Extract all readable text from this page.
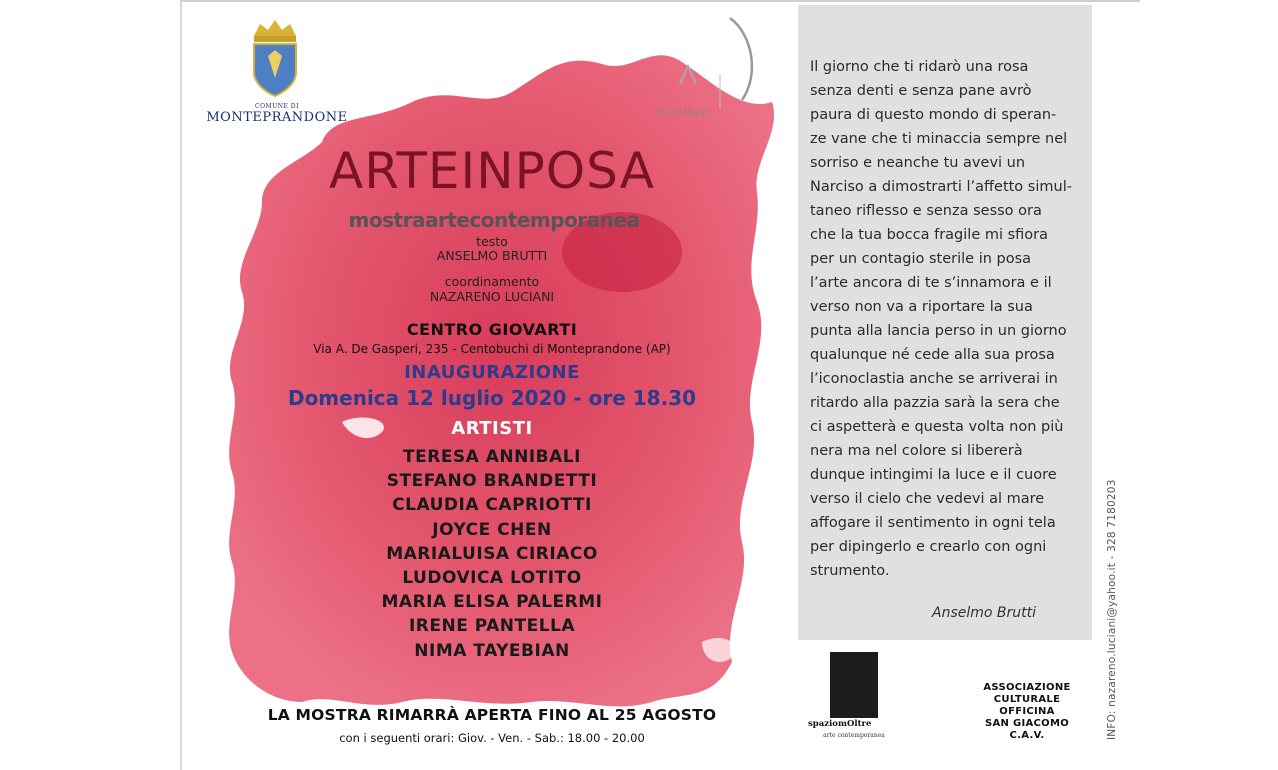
COMUNE DI
MONTEPRANDONE	GioVArti
ARTEINPOSA
mostraartecontemporanea
testo
ANSELMO BRUTTI
coordinamento
NAZARENO LUCIANI
CENTRO GIOVARTI
Via A. De Gasperi, 235 - Centobuchi di Monteprandone (AP)
INAUGURAZIONE
Domenica 12 luglio 2020 - ore 18.30
ARTISTI
TERESA ANNIBALI
STEFANO BRANDETTI
CLAUDIA CAPRIOTTI
JOYCE CHEN
MARIALUISA CIRIACO
LUDOVICA LOTITO
MARIA ELISA PALERMI
IRENE PANTELLA
NIMA TAYEBIAN
LA MOSTRA RIMARRÀ APERTA FINO AL 25 AGOSTO
con i seguenti orari: Giov. - Ven. - Sab.: 18.00 - 20.00
Il giorno che ti ridarò una rosa
senza denti e senza pane avrò
paura di questo mondo di speran-
ze vane che ti minaccia sempre nel
sorriso e neanche tu avevi un
Narciso a dimostrarti l’affetto simul-
taneo riflesso e senza sesso ora
che la tua bocca fragile mi sfiora
per un contagio sterile in posa
l’arte ancora di te s’innamora e il
verso non va a riportare la sua
punta alla lancia perso in un giorno
qualunque né cede alla sua prosa
l’iconoclastia anche se arriverai in
ritardo alla pazzia sarà la sera che
ci aspetterà e questa volta non più
nera ma nel colore si libererà
dunque intingimi la luce e il cuore
verso il cielo che vedevi al mare
affogare il sentimento in ogni tela
per dipingerlo e crearlo con ogni
strumento.
Anselmo Brutti
spaziomOltre
arte contemporanea
ASSOCIAZIONE
CULTURALE
OFFICINA
SAN GIACOMO
C.A.V.	INFO: nazareno.luciani@yahoo.it - 328 7180203
